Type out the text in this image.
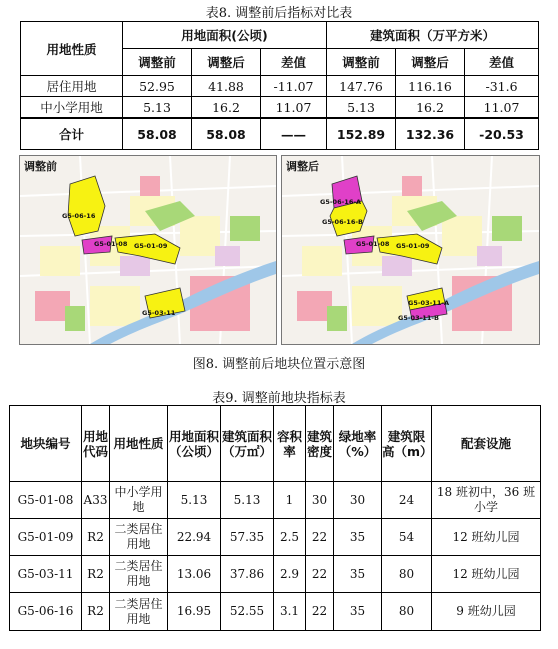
表8. 调整前后指标对比表
用地性质	用地面积(公顷)			建筑面积（万平方米）		
	调整前	调整后	差值	调整前	调整后	差值
居住用地	52.95	41.88	-11.07	147.76	116.16	-31.6
中小学用地	5.13	16.2	11.07	5.13	16.2	11.07
合计	58.08	58.08	——	152.89	132.36	-20.53
调整前
G5-06-16
G5-01-08 G5-01-09
G5-03-11
调整后
G5-06-16-A
G5-06-16-B
G5-01-08 G5-01-09
G5-03-11-A
G5-03-11-B
图8. 调整前后地块位置示意图
表9. 调整前地块指标表
地块编号	用地代码	用地性质	用地面积（公顷）	建筑面积（万㎡）	容积率	建筑密度	绿地率（%）	建筑限高（m）	配套设施
G5-01-08	A33	中小学用地	5.13	5.13	1	30	30	24	18 班初中，36 班小学
G5-01-09	R2	二类居住用地	22.94	57.35	2.5	22	35	54	12 班幼儿园
G5-03-11	R2	二类居住用地	13.06	37.86	2.9	22	35	80	12 班幼儿园
G5-06-16	R2	二类居住用地	16.95	52.55	3.1	22	35	80	9 班幼儿园
